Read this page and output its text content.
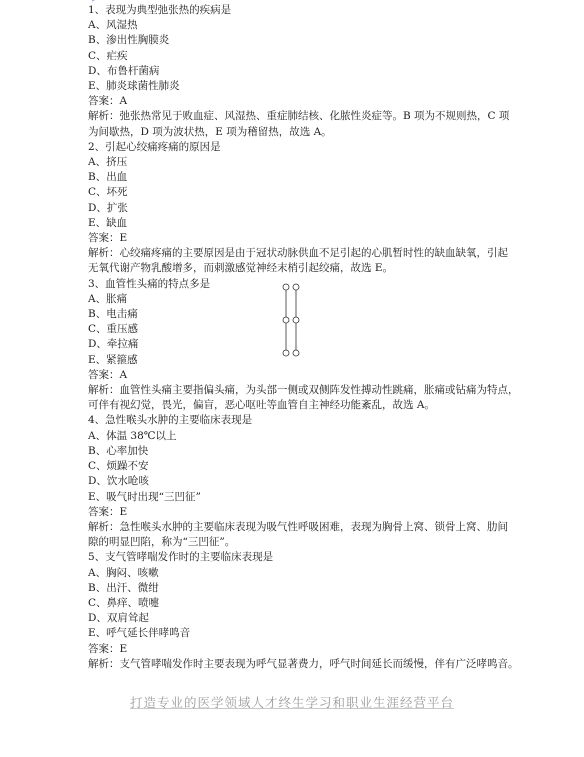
1、表现为典型弛张热的疾病是

A、风湿热

B、渗出性胸膜炎

C、疟疾

D、布鲁杆菌病

E、肺炎球菌性肺炎

答案：A

解析：弛张热常见于败血症、风湿热、重症肺结核、化脓性炎症等。B 项为不规则热，C 项

为间歇热，D 项为波状热，E 项为稽留热，故选 A。

2、引起心绞痛疼痛的原因是

A、挤压

B、出血

C、坏死

D、扩张

E、缺血

答案：E

解析：心绞痛疼痛的主要原因是由于冠状动脉供血不足引起的心肌暂时性的缺血缺氧，引起

无氧代谢产物乳酸增多，而刺激感觉神经末梢引起绞痛，故选 E。

3、血管性头痛的特点多是

A、胀痛

B、电击痛

C、重压感

D、牵拉痛

E、紧箍感

答案：A

解析：血管性头痛主要指偏头痛，为头部一侧或双侧阵发性搏动性跳痛，胀痛或钻痛为特点，

可伴有视幻觉，畏光，偏盲，恶心呕吐等血管自主神经功能紊乱，故选 A。

4、急性喉头水肿的主要临床表现是

A、体温 38℃以上

B、心率加快

C、烦躁不安

D、饮水呛咳

E、吸气时出现“三凹征”

答案：E

解析：急性喉头水肿的主要临床表现为吸气性呼吸困难，表现为胸骨上窝、锁骨上窝、肋间

隙的明显凹陷，称为“三凹征”。

5、支气管哮喘发作时的主要临床表现是

A、胸闷、咳嗽

B、出汗、微绀

C、鼻痒、喷嚏

D、双肩耸起

E、呼气延长伴哮鸣音

答案：E

解析：支气管哮喘发作时主要表现为呼气显著费力，呼气时间延长而缓慢，伴有广泛哮鸣音。

打造专业的医学领域人才终生学习和职业生涯经营平台
